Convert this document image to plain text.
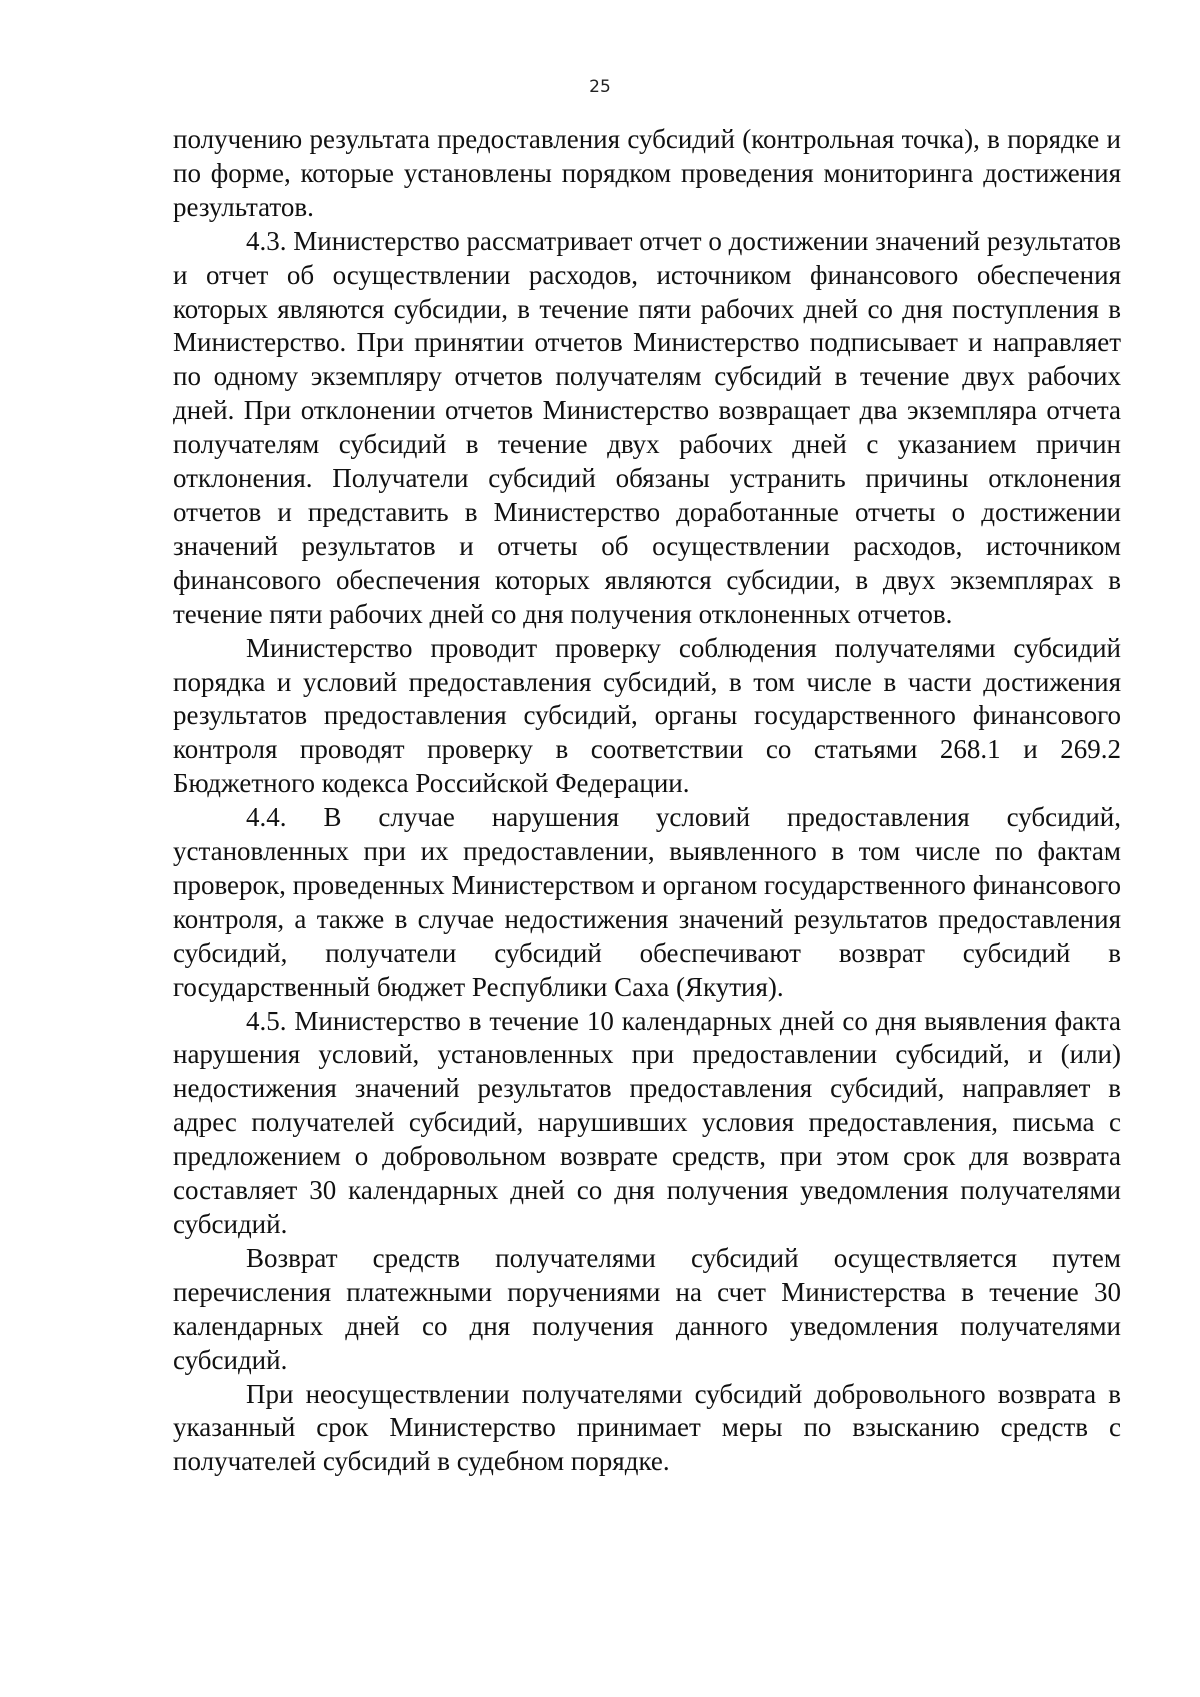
25

получению результата предоставления субсидий (контрольная точка), в порядке и по форме, которые установлены порядком проведения мониторинга достижения результатов.

4.3. Министерство рассматривает отчет о достижении значений результатов и отчет об осуществлении расходов, источником финансового обеспечения которых являются субсидии, в течение пяти рабочих дней со дня поступления в Министерство. При принятии отчетов Министерство подписывает и направляет по одному экземпляру отчетов получателям субсидий в течение двух рабочих дней. При отклонении отчетов Министерство возвращает два экземпляра отчета получателям субсидий в течение двух рабочих дней с указанием причин отклонения. Получатели субсидий обязаны устранить причины отклонения отчетов и представить в Министерство доработанные отчеты о достижении значений результатов и отчеты об осуществлении расходов, источником финансового обеспечения которых являются субсидии, в двух экземплярах в течение пяти рабочих дней со дня получения отклоненных отчетов.

Министерство проводит проверку соблюдения получателями субсидий порядка и условий предоставления субсидий, в том числе в части достижения результатов предоставления субсидий, органы государственного финансового контроля проводят проверку в соответствии со статьями 268.1 и 269.2 Бюджетного кодекса Российской Федерации.

4.4. В случае нарушения условий предоставления субсидий, установленных при их предоставлении, выявленного в том числе по фактам проверок, проведенных Министерством и органом государственного финансового контроля, а также в случае недостижения значений результатов предоставления субсидий, получатели субсидий обеспечивают возврат субсидий в государственный бюджет Республики Саха (Якутия).

4.5. Министерство в течение 10 календарных дней со дня выявления факта нарушения условий, установленных при предоставлении субсидий, и (или) недостижения значений результатов предоставления субсидий, направляет в адрес получателей субсидий, нарушивших условия предоставления, письма с предложением о добровольном возврате средств, при этом срок для возврата составляет 30 календарных дней со дня получения уведомления получателями субсидий.

Возврат средств получателями субсидий осуществляется путем перечисления платежными поручениями на счет Министерства в течение 30 календарных дней со дня получения данного уведомления получателями субсидий.

При неосуществлении получателями субсидий добровольного возврата в указанный срок Министерство принимает меры по взысканию средств с получателей субсидий в судебном порядке.
